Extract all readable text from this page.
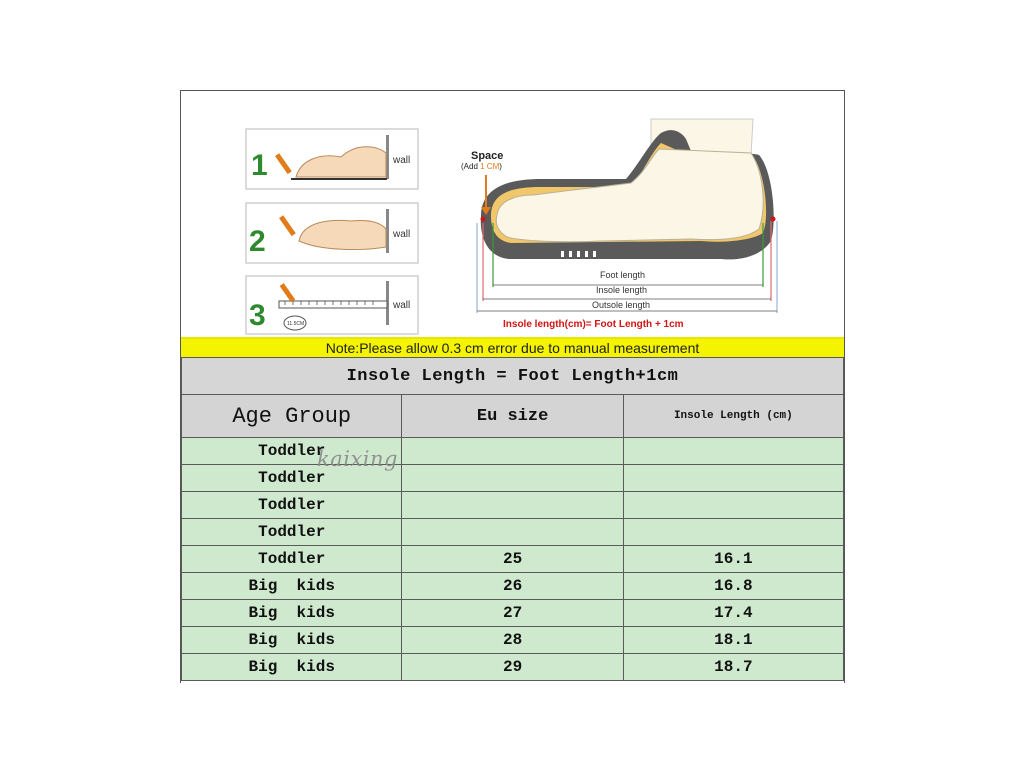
1	wall
2	wall
3	11.5CM
wall
Space
(Add 1 CM)
Foot length
Insole length
Outsole length
Insole length(cm)= Foot Length + 1cm
Note:Please allow 0.3 cm error due to manual measurement
Insole Length = Foot Length+1cm		
Age Group	Eu size	Insole Length (cm)
Toddler		
Toddler		
Toddler		
Toddler		
Toddler	25	16.1
Big  kids	26	16.8
Big  kids	27	17.4
Big  kids	28	18.1
Big  kids	29	18.7
kaixing
